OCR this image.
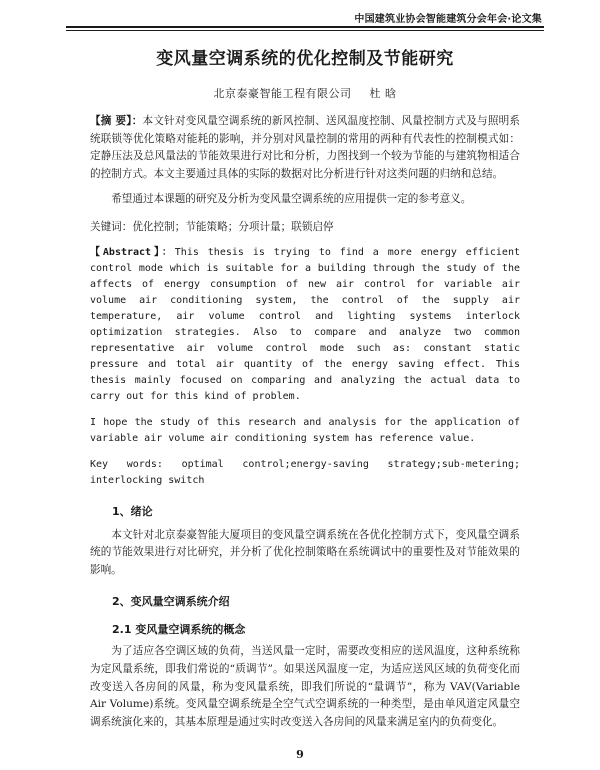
中国建筑业协会智能建筑分会年会·论文集
变风量空调系统的优化控制及节能研究
北京泰豪智能工程有限公司 杜 晗

【摘 要】：本文针对变风量空调系统的新风控制、送风温度控制、风量控制方式及与照明系统联锁等优化策略对能耗的影响，并分别对风量控制的常用的两种有代表性的控制模式如：定静压法及总风量法的节能效果进行对比和分析，力图找到一个较为节能的与建筑物相适合的控制方式。本文主要通过具体的实际的数据对比分析进行针对这类问题的归纳和总结。

希望通过本课题的研究及分析为变风量空调系统的应用提供一定的参考意义。

关键词：优化控制；节能策略；分项计量；联锁启停

【Abstract】：This thesis is trying to find a more energy efficient control mode which is suitable for a building through the study of the affects of energy consumption of new air control for variable air volume air conditioning system, the control of the supply air temperature, air volume control and lighting systems interlock optimization strategies. Also to compare and analyze two common representative air volume control mode such as: constant static pressure and total air quantity of the energy saving effect. This thesis mainly focused on comparing and analyzing the actual data to carry out for this kind of problem.

I hope the study of this research and analysis for the application of variable air volume air conditioning system has reference value.

Key words: optimal control;energy-saving strategy;sub-metering;
interlocking switch
1、绪论

本文针对北京泰豪智能大厦项目的变风量空调系统在各优化控制方式下，变风量空调系统的节能效果进行对比研究，并分析了优化控制策略在系统调试中的重要性及对节能效果的影响。

2、变风量空调系统介绍
2.1 变风量空调系统的概念

为了适应各空调区域的负荷，当送风量一定时，需要改变相应的送风温度，这种系统称为定风量系统，即我们常说的“质调节”。如果送风温度一定，为适应送风区域的负荷变化而改变送入各房间的风量，称为变风量系统，即我们所说的“量调节”，称为 VAV(Variable Air Volume)系统。变风量空调系统是全空气式空调系统的一种类型，是由单风道定风量空调系统演化来的，其基本原理是通过实时改变送入各房间的风量来满足室内的负荷变化。

9
